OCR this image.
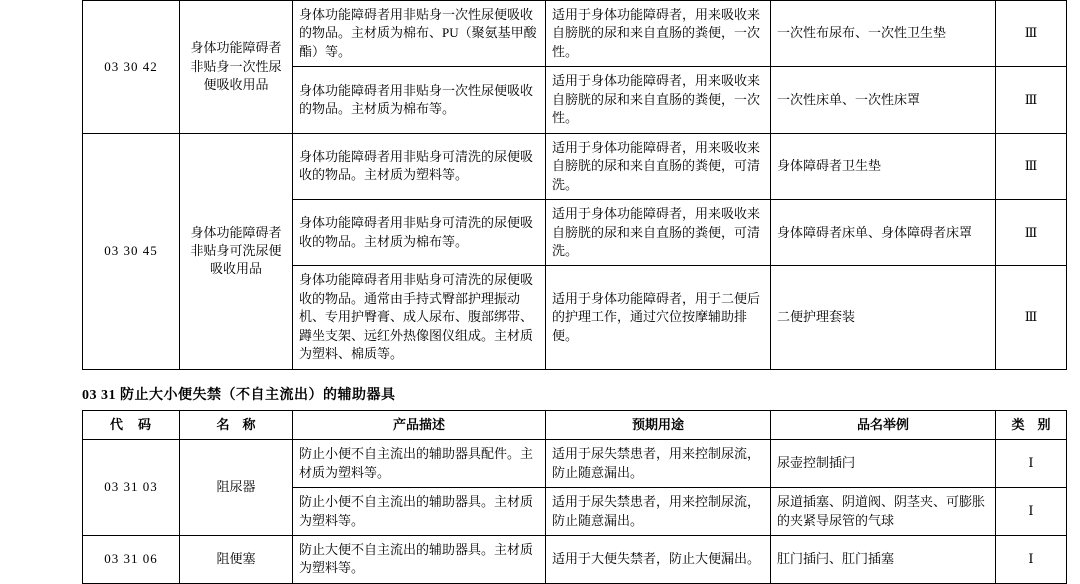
03 30 42	身体功能障碍者非贴身一次性尿便吸收用品	身体功能障碍者用非贴身一次性尿便吸收的物品。主材质为棉布、PU（聚氨基甲酸酯）等。	适用于身体功能障碍者，用来吸收来自膀胱的尿和来自直肠的粪便，一次性。	一次性布尿布、一次性卫生垫	Ⅲ
		身体功能障碍者用非贴身一次性尿便吸收的物品。主材质为棉布等。	适用于身体功能障碍者，用来吸收来自膀胱的尿和来自直肠的粪便，一次性。	一次性床单、一次性床罩	Ⅲ
03 30 45	身体功能障碍者非贴身可洗尿便吸收用品	身体功能障碍者用非贴身可清洗的尿便吸收的物品。主材质为塑料等。	适用于身体功能障碍者，用来吸收来自膀胱的尿和来自直肠的粪便，可清洗。	身体障碍者卫生垫	Ⅲ
		身体功能障碍者用非贴身可清洗的尿便吸收的物品。主材质为棉布等。	适用于身体功能障碍者，用来吸收来自膀胱的尿和来自直肠的粪便，可清洗。	身体障碍者床单、身体障碍者床罩	Ⅲ
		身体功能障碍者用非贴身可清洗的尿便吸收的物品。通常由手持式臀部护理振动机、专用护臀膏、成人尿布、腹部绑带、蹲坐支架、远红外热像图仪组成。主材质为塑料、棉质等。	适用于身体功能障碍者，用于二便后的护理工作，通过穴位按摩辅助排便。	二便护理套装	Ⅲ
03 31 防止大小便失禁（不自主流出）的辅助器具
代　码	名　称	产品描述	预期用途	品名举例	类　别
03 31 03	阻尿器	防止小便不自主流出的辅助器具配件。主材质为塑料等。	适用于尿失禁患者，用来控制尿流，防止随意漏出。	尿壶控制插闩	Ⅰ
		防止小便不自主流出的辅助器具。主材质为塑料等。	适用于尿失禁患者，用来控制尿流，防止随意漏出。	尿道插塞、阴道阀、阴茎夹、可膨胀的夹紧导尿管的气球	Ⅰ
03 31 06	阻便塞	防止大便不自主流出的辅助器具。主材质为塑料等。	适用于大便失禁者，防止大便漏出。	肛门插闩、肛门插塞	Ⅰ
